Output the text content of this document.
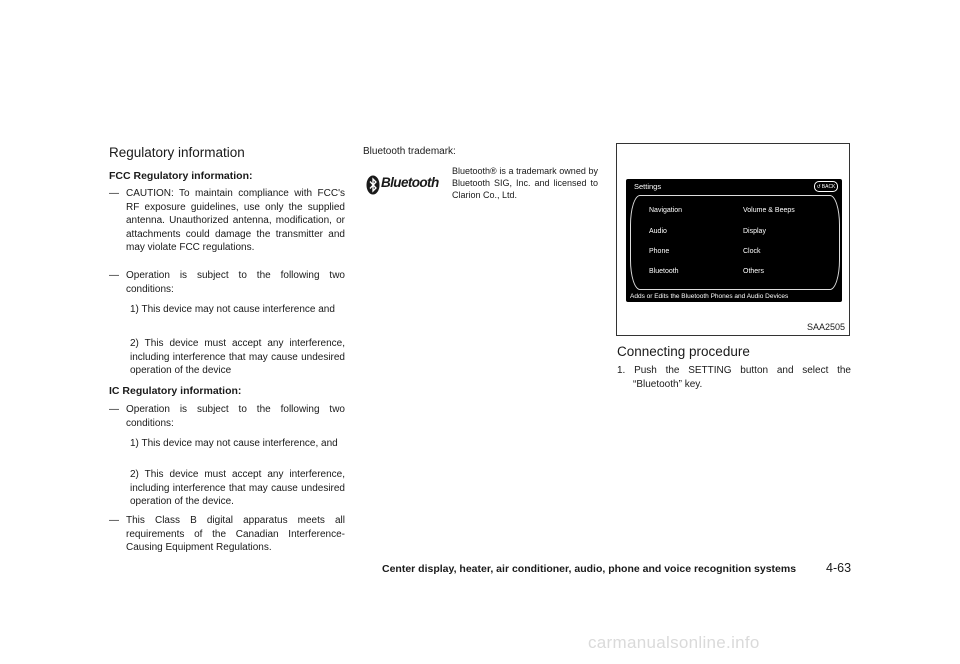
Regulatory information
FCC Regulatory information:
— CAUTION: To maintain compliance with FCC's RF exposure guidelines, use only the supplied antenna. Unauthorized antenna, modification, or attachments could damage the transmitter and may violate FCC regulations.
— Operation is subject to the following two conditions:
1) This device may not cause interference and
2) This device must accept any interference, including interference that may cause undesired operation of the device
IC Regulatory information:
— Operation is subject to the following two conditions:
1) This device may not cause interference, and
2) This device must accept any interference, including interference that may cause undesired operation of the device.
— This Class B digital apparatus meets all requirements of the Canadian Interference-Causing Equipment Regulations.
Bluetooth trademark:
Bluetooth
Bluetooth® is a trademark owned by Bluetooth SIG, Inc. and licensed to Clarion Co., Ltd.
Settings	↺ BACK
Navigation	Volume & Beeps
Audio	Display
Phone	Clock
Bluetooth	Others
Adds or Edits the Bluetooth Phones and Audio Devices
SAA2505
Connecting procedure
1. Push the SETTING button and select the “Bluetooth” key.
Center display, heater, air conditioner, audio, phone and voice recognition systems 4-63
carmanualsonline.info
